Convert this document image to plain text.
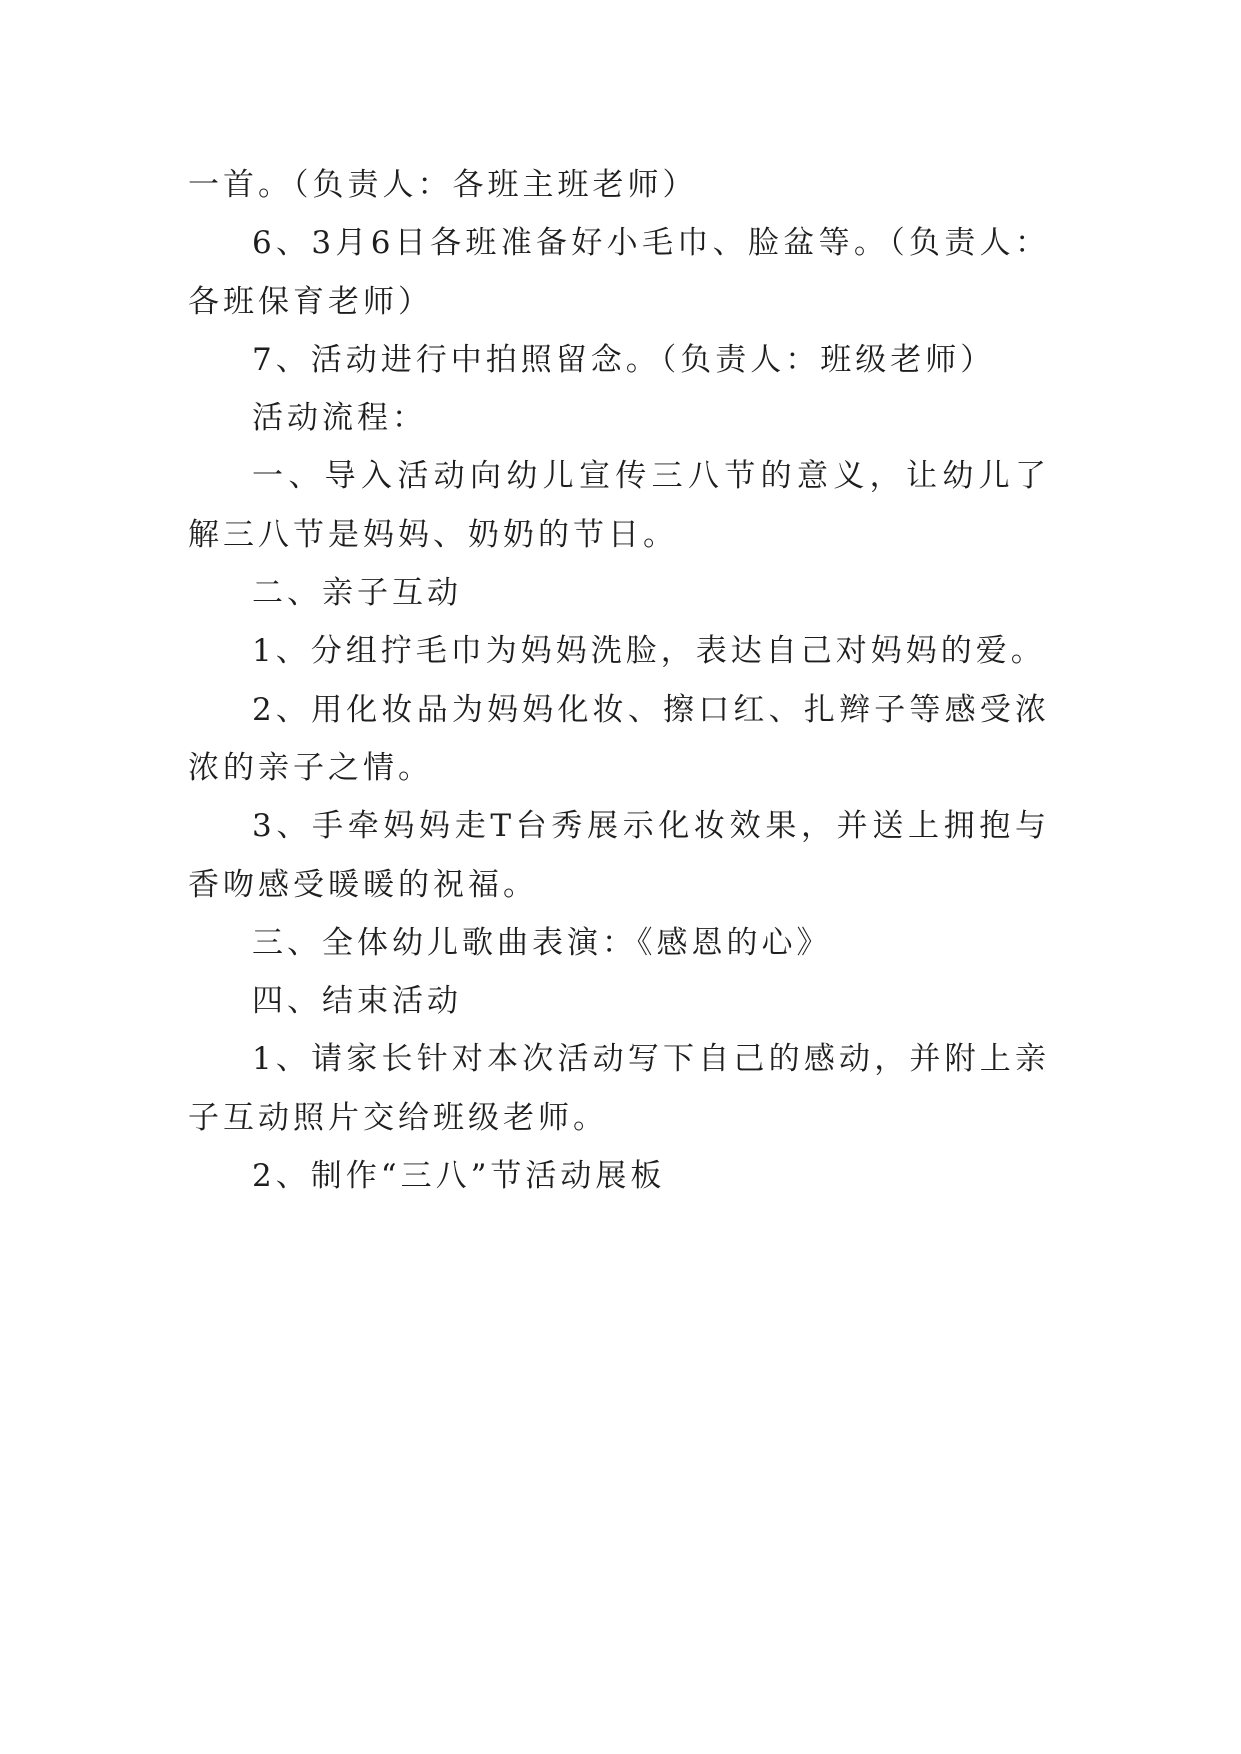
一首。（负责人：各班主班老师）

6、3月6日各班准备好小毛巾、脸盆等。（负责人：各班保育老师）

7、活动进行中拍照留念。（负责人：班级老师）

活动流程：

一、导入活动向幼儿宣传三八节的意义，让幼儿了解三八节是妈妈、奶奶的节日。

二、亲子互动

1、分组拧毛巾为妈妈洗脸，表达自己对妈妈的爱。

2、用化妆品为妈妈化妆、擦口红、扎辫子等感受浓浓的亲子之情。

3、手牵妈妈走T台秀展示化妆效果，并送上拥抱与香吻感受暖暖的祝福。

三、全体幼儿歌曲表演：《感恩的心》

四、结束活动

1、请家长针对本次活动写下自己的感动，并附上亲子互动照片交给班级老师。

2、制作“三八”节活动展板
